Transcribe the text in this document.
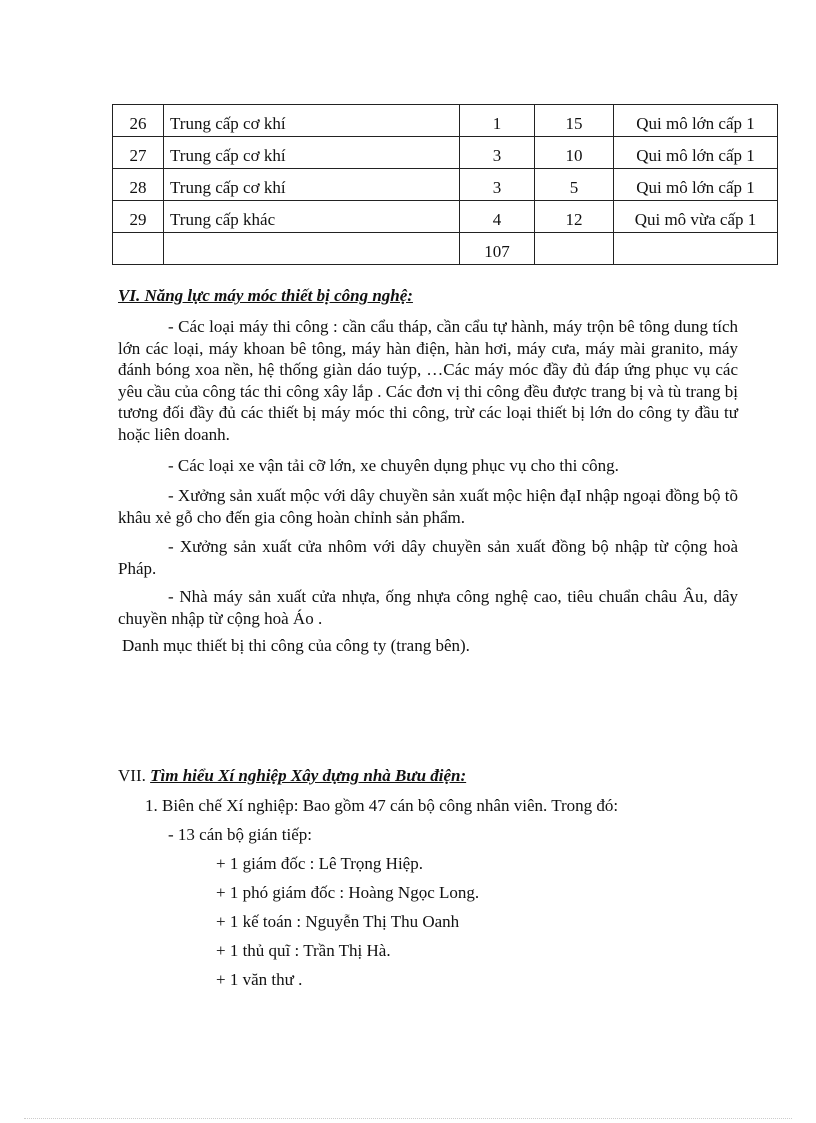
26	Trung cấp cơ khí	1	15	Qui mô lớn cấp 1
27	Trung cấp cơ khí	3	10	Qui mô lớn cấp 1
28	Trung cấp cơ khí	3	5	Qui mô lớn cấp 1
29	Trung cấp khác	4	12	Qui mô vừa cấp 1
		107		
VI. Năng lực máy móc thiết bị công nghệ:
- Các loại máy thi công : cần cẩu tháp, cần cẩu tự hành, máy trộn bê tông dung tích lớn các loại, máy khoan bê tông, máy hàn điện, hàn hơi, máy cưa, máy mài granito, máy đánh bóng xoa nền, hệ thống giàn dáo tuýp, …Các máy móc đầy đủ đáp ứng phục vụ các yêu cầu của công tác thi công xây lắp . Các đơn vị thi công đều được trang bị và tù trang bị tương đối đầy đủ các thiết bị máy móc thi công, trừ các loại thiết bị lớn do công ty đầu tư hoặc liên doanh.
- Các loại xe vận tải cỡ lớn, xe chuyên dụng phục vụ cho thi công.
- Xưởng sản xuất mộc với dây chuyền sản xuất mộc hiện đạI nhập ngoại đồng bộ tõ khâu xẻ gỗ cho đến gia công hoàn chỉnh sản phẩm.
- Xưởng sản xuất cửa nhôm với dây chuyền sản xuất đồng bộ nhập từ cộng hoà Pháp.
- Nhà máy sản xuất cửa nhựa, ống nhựa công nghệ cao, tiêu chuẩn châu Âu, dây chuyền nhập từ cộng hoà Áo .
Danh mục thiết bị thi công của công ty (trang bên).
VII. Tìm hiểu Xí nghiệp Xây dựng nhà Bưu điện:
1. Biên chế Xí nghiệp: Bao gồm 47 cán bộ công nhân viên. Trong đó:
- 13 cán bộ gián tiếp:
+ 1 giám đốc : Lê Trọng Hiệp.
+ 1 phó giám đốc : Hoàng Ngọc Long.
+ 1 kế toán : Nguyễn Thị Thu Oanh
+ 1 thủ quĩ : Trần Thị Hà.
+ 1 văn thư .
